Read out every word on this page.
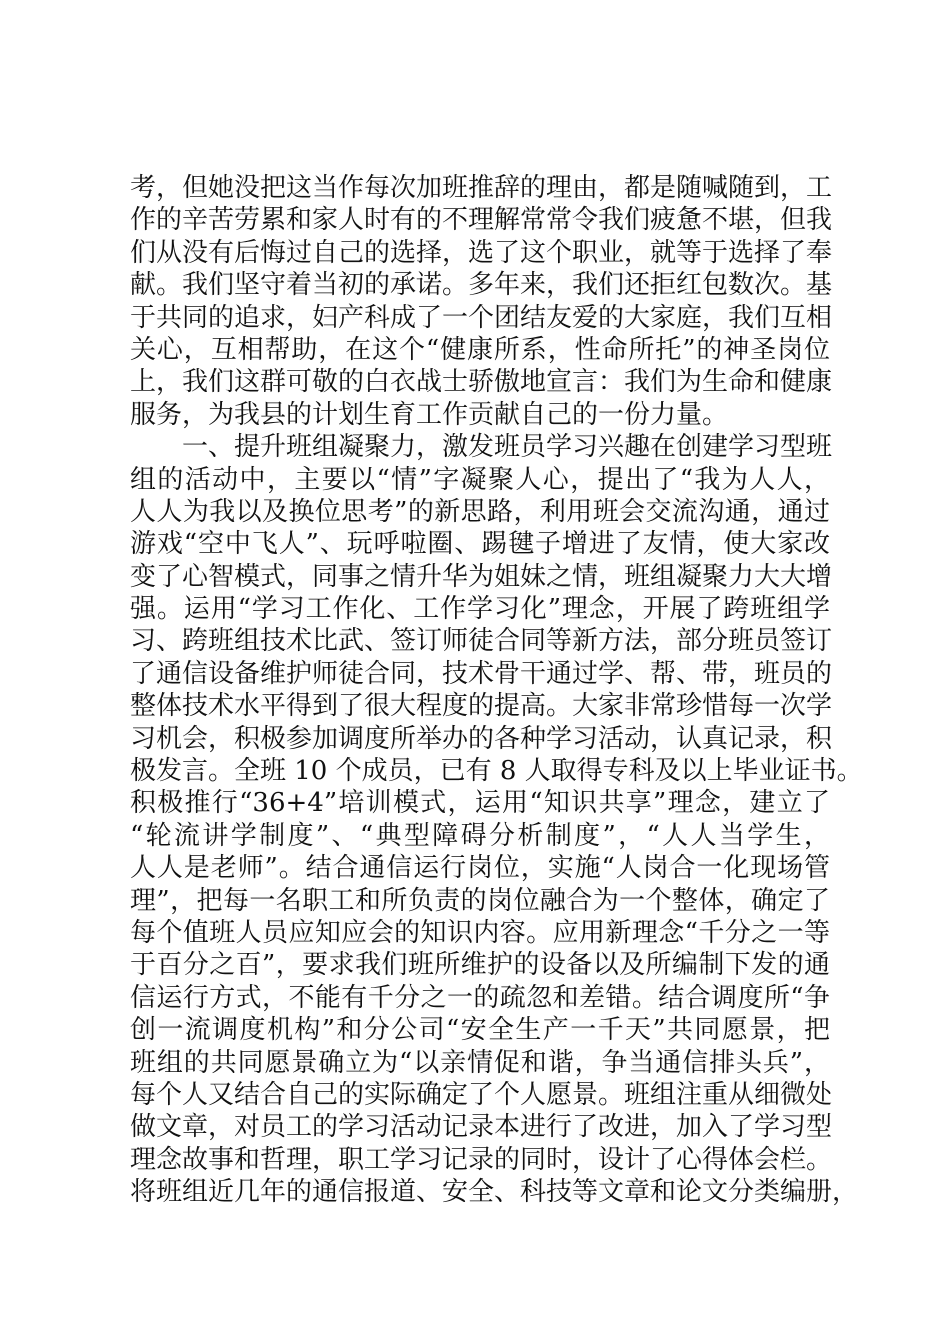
考，但她没把这当作每次加班推辞的理由，都是随喊随到，工
作的辛苦劳累和家人时有的不理解常常令我们疲惫不堪，但我
们从没有后悔过自己的选择，选了这个职业，就等于选择了奉
献。我们坚守着当初的承诺。多年来，我们还拒红包数次。基
于共同的追求，妇产科成了一个团结友爱的大家庭，我们互相
关心，互相帮助，在这个“健康所系，性命所托”的神圣岗位
上，我们这群可敬的白衣战士骄傲地宣言：我们为生命和健康
服务，为我县的计划生育工作贡献自己的一份力量。
　　一、提升班组凝聚力，激发班员学习兴趣在创建学习型班
组的活动中，主要以“情”字凝聚人心，提出了“我为人人，
人人为我以及换位思考”的新思路，利用班会交流沟通，通过
游戏“空中飞人”、玩呼啦圈、踢毽子增进了友情，使大家改
变了心智模式，同事之情升华为姐妹之情，班组凝聚力大大增
强。运用“学习工作化、工作学习化”理念，开展了跨班组学
习、跨班组技术比武、签订师徒合同等新方法，部分班员签订
了通信设备维护师徒合同，技术骨干通过学、帮、带，班员的
整体技术水平得到了很大程度的提高。大家非常珍惜每一次学
习机会，积极参加调度所举办的各种学习活动，认真记录，积
极发言。全班 10 个成员，已有 8 人取得专科及以上毕业证书。
积极推行“36+4”培训模式，运用“知识共享”理念，建立了
“轮流讲学制度”、“典型障碍分析制度”，“人人当学生，
人人是老师”。结合通信运行岗位，实施“人岗合一化现场管
理”，把每一名职工和所负责的岗位融合为一个整体，确定了
每个值班人员应知应会的知识内容。应用新理念“千分之一等
于百分之百”，要求我们班所维护的设备以及所编制下发的通
信运行方式，不能有千分之一的疏忽和差错。结合调度所“争
创一流调度机构”和分公司“安全生产一千天”共同愿景，把
班组的共同愿景确立为“以亲情促和谐，争当通信排头兵”，
每个人又结合自己的实际确定了个人愿景。班组注重从细微处
做文章，对员工的学习活动记录本进行了改进，加入了学习型
理念故事和哲理，职工学习记录的同时，设计了心得体会栏。
将班组近几年的通信报道、安全、科技等文章和论文分类编册，
